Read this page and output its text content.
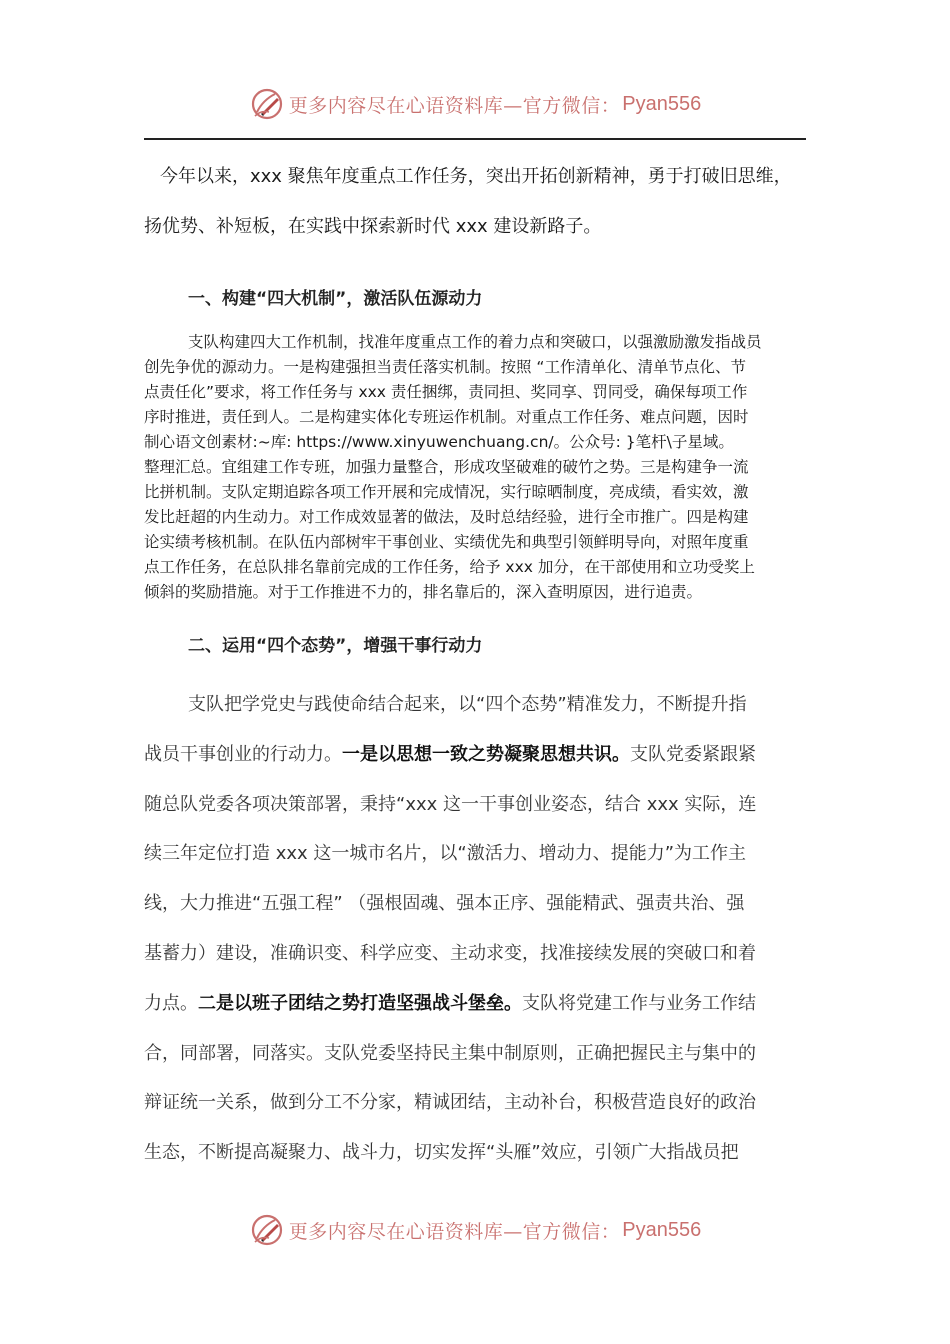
更多内容尽在心语资料库—官方微信： Pyan556

今年以来，xxx 聚焦年度重点工作任务，突出开拓创新精神，勇于打破旧思维，

扬优势、补短板，在实践中探索新时代 xxx 建设新路子。

一、构建“四大机制”，激活队伍源动力
支队构建四大工作机制，找准年度重点工作的着力点和突破口，以强激励激发指战员
创先争优的源动力。一是构建强担当责任落实机制。按照 “工作清单化、清单节点化、节
点责任化”要求，将工作任务与 xxx 责任捆绑，责同担、奖同享、罚同受，确保每项工作
序时推进，责任到人。二是构建实体化专班运作机制。对重点工作任务、难点问题，因时
制心语文创素材:~库: https://www.xinyuwenchuang.cn/。公众号: }笔杆\子星域。
整理汇总。宜组建工作专班，加强力量整合，形成攻坚破难的破竹之势。三是构建争一流
比拼机制。支队定期追踪各项工作开展和完成情况，实行晾晒制度，亮成绩，看实效，激
发比赶超的内生动力。对工作成效显著的做法，及时总结经验，进行全市推广。四是构建
论实绩考核机制。在队伍内部树牢干事创业、实绩优先和典型引领鲜明导向，对照年度重
点工作任务，在总队排名靠前完成的工作任务，给予 xxx 加分，在干部使用和立功受奖上
倾斜的奖励措施。对于工作推进不力的，排名靠后的，深入查明原因，进行追责。
二、运用“四个态势”，增强干事行动力
支队把学党史与践使命结合起来，以“四个态势”精准发力，不断提升指
战员干事创业的行动力。一是以思想一致之势凝聚思想共识。支队党委紧跟紧
随总队党委各项决策部署，秉持“xxx 这一干事创业姿态，结合 xxx 实际，连
续三年定位打造 xxx 这一城市名片，以“激活力、增动力、提能力”为工作主
线，大力推进“五强工程” （强根固魂、强本正序、强能精武、强责共治、强
基蓄力）建设，准确识变、科学应变、主动求变，找准接续发展的突破口和着
力点。二是以班子团结之势打造坚强战斗堡垒。支队将党建工作与业务工作结
合，同部署，同落实。支队党委坚持民主集中制原则，正确把握民主与集中的
辩证统一关系，做到分工不分家，精诚团结，主动补台，积极营造良好的政治
生态，不断提高凝聚力、战斗力，切实发挥“头雁”效应，引领广大指战员把
更多内容尽在心语资料库—官方微信： Pyan556
